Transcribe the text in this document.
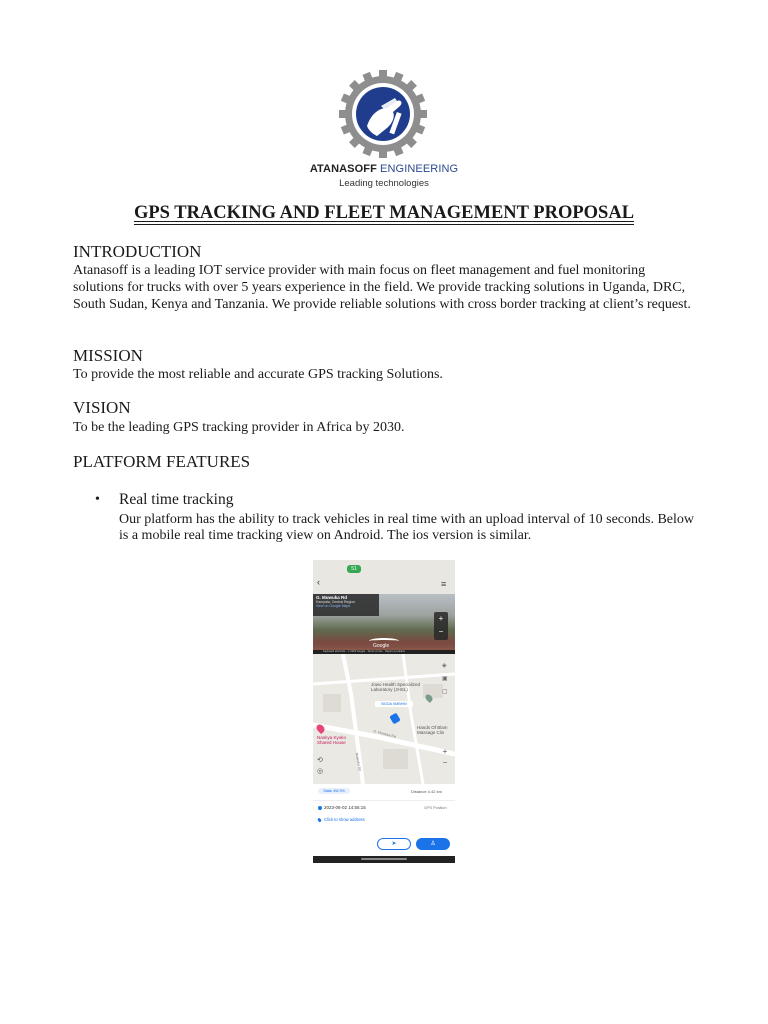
ATANASOFF ENGINEERING
Leading technologies
GPS TRACKING AND FLEET MANAGEMENT PROPOSAL
INTRODUCTION
Atanasoff is a leading IOT service provider with main focus on fleet management and fuel monitoring solutions for trucks with over 5 years experience in the field. We provide tracking solutions in Uganda, DRC, South Sudan, Kenya and Tanzania. We provide reliable solutions with cross border tracking at client’s request.
MISSION
To provide the most reliable and accurate GPS tracking Solutions.
VISION
To be the leading GPS tracking provider in Africa by 2030.
PLATFORM FEATURES
• Real time tracking
Our platform has the ability to track vehicles in real time with an upload interval of 10 seconds. Below is a mobile real time tracking view on Android. The ios version is similar.
‹
51
≡
G. Muwuka Rd
Kampala, Central Region
View on Google Maps
+
−
Google
Keyboard shortcuts · © 2023 Google · Terms of Use · Report a problem
◈
▣
▢
Jowo Health Specialized Laboratory (JHSL)
BGDA 0MBHM
Hands Of Blam Massage Clin
G. Muwuka Rd
Muwuka Rd
Nankya Kyoko Shared House
⟲
◎
+
−
Static 4W 0%	Distance 4.42 km
2023-06-02 14:56:15	GPS Position
Click to show address
➤	♙
